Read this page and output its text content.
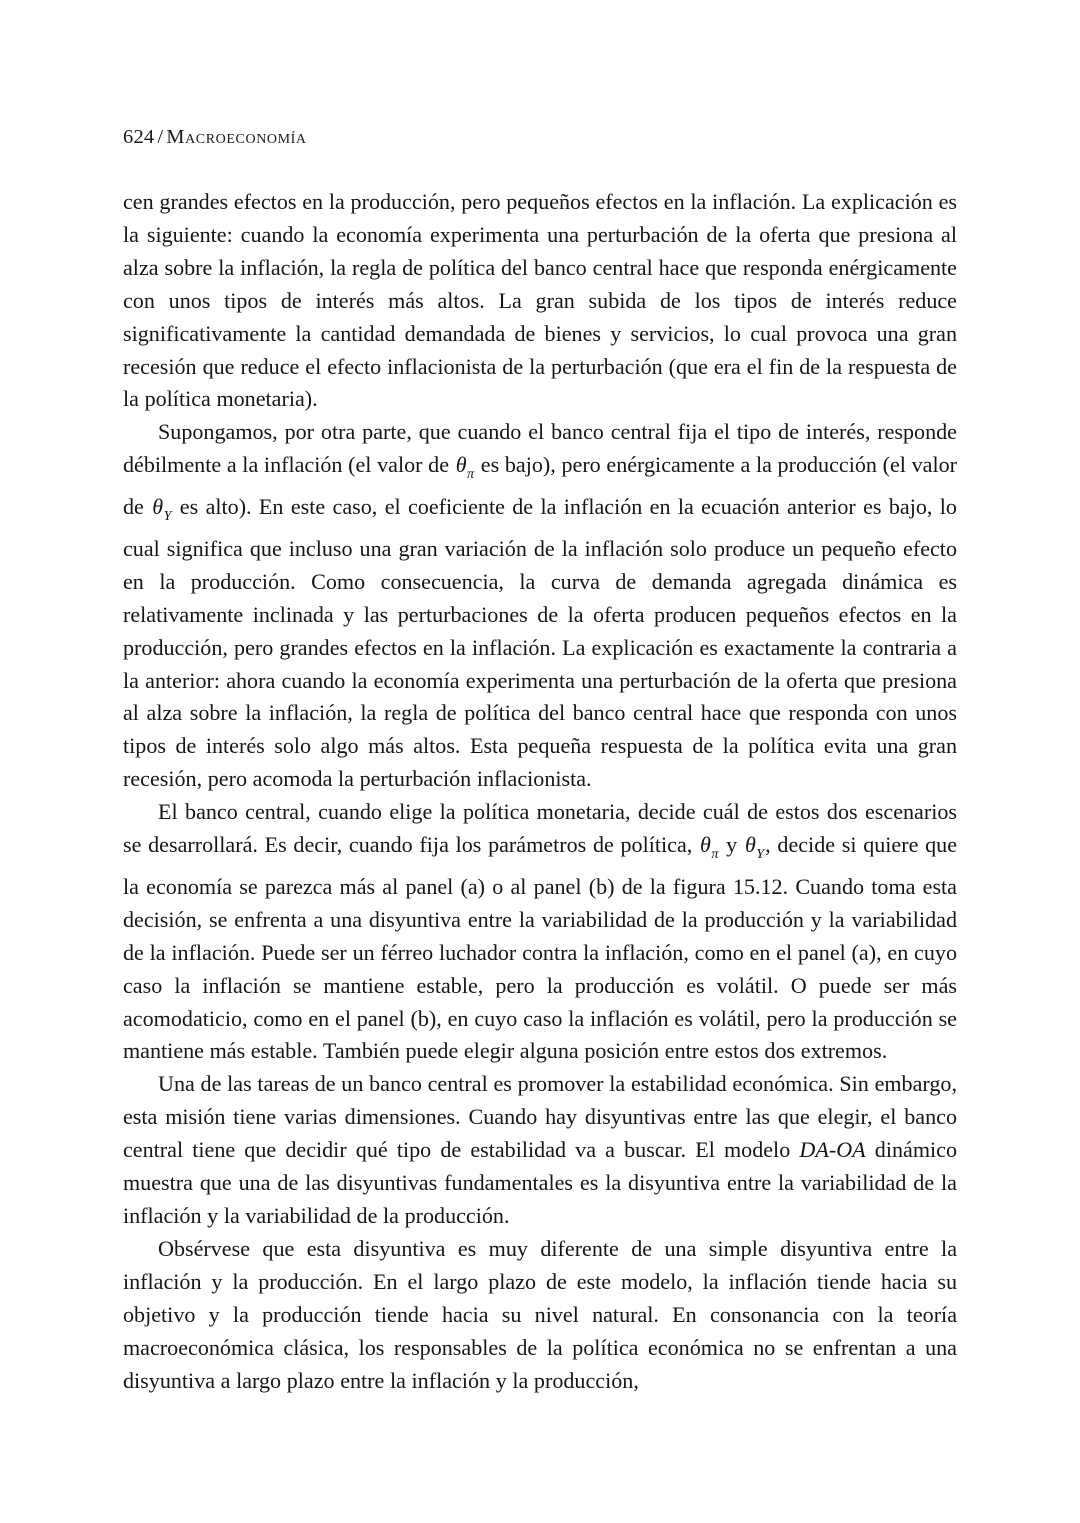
624 / Macroeconomía

cen grandes efectos en la producción, pero pequeños efectos en la inflación. La explicación es la siguiente: cuando la economía experimenta una perturbación de la oferta que presiona al alza sobre la inflación, la regla de política del banco central hace que responda enérgicamente con unos tipos de interés más altos. La gran subida de los tipos de interés reduce significativamente la cantidad demandada de bienes y servicios, lo cual provoca una gran recesión que reduce el efecto inflacionista de la perturbación (que era el fin de la respuesta de la política monetaria).

Supongamos, por otra parte, que cuando el banco central fija el tipo de interés, responde débilmente a la inflación (el valor de $\theta_\pi$ es bajo), pero enérgicamente a la producción (el valor de $\theta_Y$ es alto). En este caso, el coeficiente de la inflación en la ecuación anterior es bajo, lo cual significa que incluso una gran variación de la inflación solo produce un pequeño efecto en la producción. Como consecuencia, la curva de demanda agregada dinámica es relativamente inclinada y las perturbaciones de la oferta producen pequeños efectos en la producción, pero grandes efectos en la inflación. La explicación es exactamente la contraria a la anterior: ahora cuando la economía experimenta una perturbación de la oferta que presiona al alza sobre la inflación, la regla de política del banco central hace que responda con unos tipos de interés solo algo más altos. Esta pequeña respuesta de la política evita una gran recesión, pero acomoda la perturbación inflacionista.

El banco central, cuando elige la política monetaria, decide cuál de estos dos escenarios se desarrollará. Es decir, cuando fija los parámetros de política, $\theta_\pi$ y $\theta_Y$, decide si quiere que la economía se parezca más al panel (a) o al panel (b) de la figura 15.12. Cuando toma esta decisión, se enfrenta a una disyuntiva entre la variabilidad de la producción y la variabilidad de la inflación. Puede ser un férreo luchador contra la inflación, como en el panel (a), en cuyo caso la inflación se mantiene estable, pero la producción es volátil. O puede ser más acomodaticio, como en el panel (b), en cuyo caso la inflación es volátil, pero la producción se mantiene más estable. También puede elegir alguna posición entre estos dos extremos.

Una de las tareas de un banco central es promover la estabilidad económica. Sin embargo, esta misión tiene varias dimensiones. Cuando hay disyuntivas entre las que elegir, el banco central tiene que decidir qué tipo de estabilidad va a buscar. El modelo DA-OA dinámico muestra que una de las disyuntivas fundamentales es la disyuntiva entre la variabilidad de la inflación y la variabilidad de la producción.

Obsérvese que esta disyuntiva es muy diferente de una simple disyuntiva entre la inflación y la producción. En el largo plazo de este modelo, la inflación tiende hacia su objetivo y la producción tiende hacia su nivel natural. En consonancia con la teoría macroeconómica clásica, los responsables de la política económica no se enfrentan a una disyuntiva a largo plazo entre la inflación y la producción,
